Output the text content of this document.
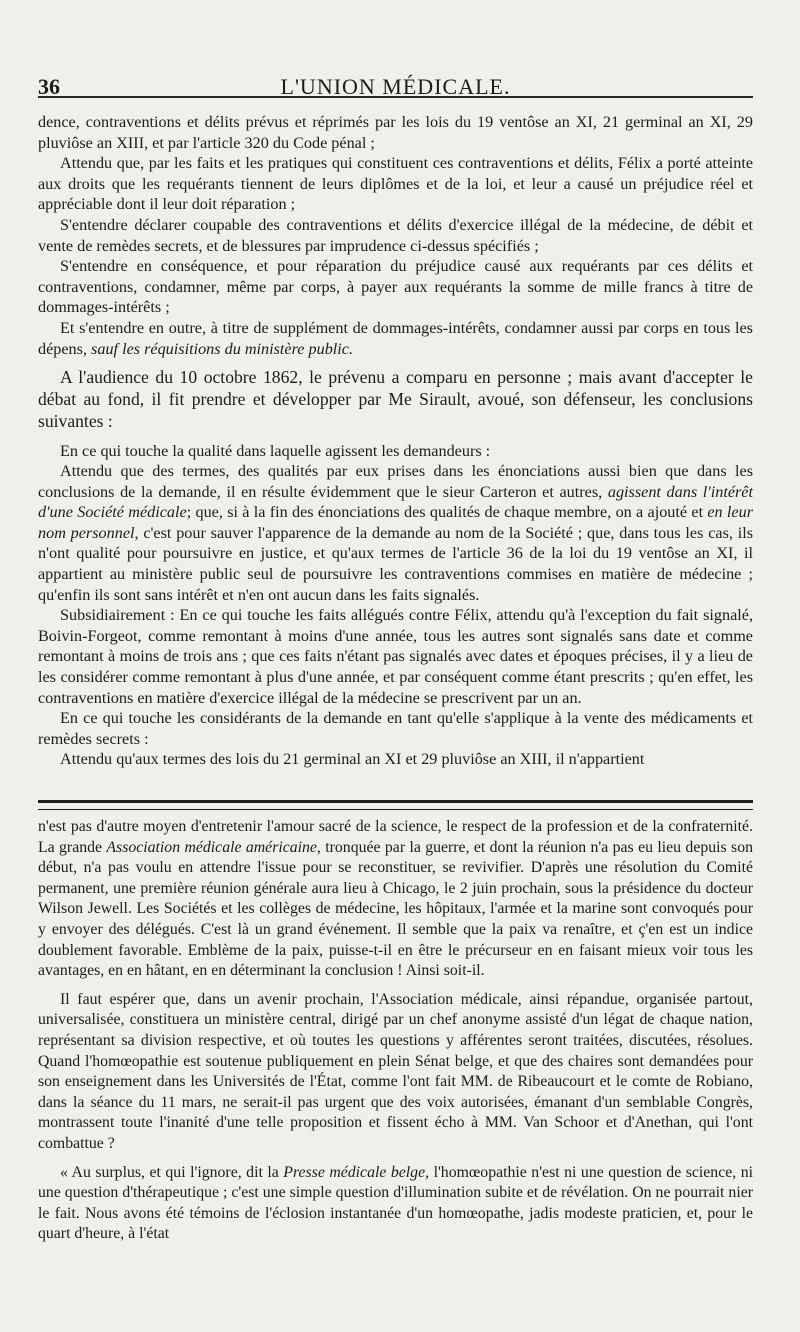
36	L'UNION MÉDICALE.

dence, contraventions et délits prévus et réprimés par les lois du 19 ventôse an XI, 21 germinal an XI, 29 pluviôse an XIII, et par l'article 320 du Code pénal ;

Attendu que, par les faits et les pratiques qui constituent ces contraventions et délits, Félix a porté atteinte aux droits que les requérants tiennent de leurs diplômes et de la loi, et leur a causé un préjudice réel et appréciable dont il leur doit réparation ;

S'entendre déclarer coupable des contraventions et délits d'exercice illégal de la médecine, de débit et vente de remèdes secrets, et de blessures par imprudence ci-dessus spécifiés ;

S'entendre en conséquence, et pour réparation du préjudice causé aux requérants par ces délits et contraventions, condamner, même par corps, à payer aux requérants la somme de mille francs à titre de dommages-intérêts ;

Et s'entendre en outre, à titre de supplément de dommages-intérêts, condamner aussi par corps en tous les dépens, sauf les réquisitions du ministère public.

A l'audience du 10 octobre 1862, le prévenu a comparu en personne ; mais avant d'accepter le débat au fond, il fit prendre et développer par Me Sirault, avoué, son défenseur, les conclusions suivantes :

En ce qui touche la qualité dans laquelle agissent les demandeurs :

Attendu que des termes, des qualités par eux prises dans les énonciations aussi bien que dans les conclusions de la demande, il en résulte évidemment que le sieur Carteron et autres, agissent dans l'intérêt d'une Société médicale; que, si à la fin des énonciations des qualités de chaque membre, on a ajouté et en leur nom personnel, c'est pour sauver l'apparence de la demande au nom de la Société ; que, dans tous les cas, ils n'ont qualité pour poursuivre en justice, et qu'aux termes de l'article 36 de la loi du 19 ventôse an XI, il appartient au ministère public seul de poursuivre les contraventions commises en matière de médecine ; qu'enfin ils sont sans intérêt et n'en ont aucun dans les faits signalés.

Subsidiairement : En ce qui touche les faits allégués contre Félix, attendu qu'à l'exception du fait signalé, Boivin-Forgeot, comme remontant à moins d'une année, tous les autres sont signalés sans date et comme remontant à moins de trois ans ; que ces faits n'étant pas signalés avec dates et époques précises, il y a lieu de les considérer comme remontant à plus d'une année, et par conséquent comme étant prescrits ; qu'en effet, les contraventions en matière d'exercice illégal de la médecine se prescrivent par un an.

En ce qui touche les considérants de la demande en tant qu'elle s'applique à la vente des médicaments et remèdes secrets :

Attendu qu'aux termes des lois du 21 germinal an XI et 29 pluviôse an XIII, il n'appartient

n'est pas d'autre moyen d'entretenir l'amour sacré de la science, le respect de la profession et de la confraternité. La grande Association médicale américaine, tronquée par la guerre, et dont la réunion n'a pas eu lieu depuis son début, n'a pas voulu en attendre l'issue pour se reconstituer, se revivifier. D'après une résolution du Comité permanent, une première réunion générale aura lieu à Chicago, le 2 juin prochain, sous la présidence du docteur Wilson Jewell. Les Sociétés et les collèges de médecine, les hôpitaux, l'armée et la marine sont convoqués pour y envoyer des délégués. C'est là un grand événement. Il semble que la paix va renaître, et ç'en est un indice doublement favorable. Emblème de la paix, puisse-t-il en être le précurseur en en faisant mieux voir tous les avantages, en en hâtant, en en déterminant la conclusion ! Ainsi soit-il.

Il faut espérer que, dans un avenir prochain, l'Association médicale, ainsi répandue, organisée partout, universalisée, constituera un ministère central, dirigé par un chef anonyme assisté d'un légat de chaque nation, représentant sa division respective, et où toutes les questions y afférentes seront traitées, discutées, résolues. Quand l'homœopathie est soutenue publiquement en plein Sénat belge, et que des chaires sont demandées pour son enseignement dans les Universités de l'État, comme l'ont fait MM. de Ribeaucourt et le comte de Robiano, dans la séance du 11 mars, ne serait-il pas urgent que des voix autorisées, émanant d'un semblable Congrès, montrassent toute l'inanité d'une telle proposition et fissent écho à MM. Van Schoor et d'Anethan, qui l'ont combattue ?

« Au surplus, et qui l'ignore, dit la Presse médicale belge, l'homœopathie n'est ni une question de science, ni une question d'thérapeutique ; c'est une simple question d'illumination subite et de révélation. On ne pourrait nier le fait. Nous avons été témoins de l'éclosion instantanée d'un homœopathe, jadis modeste praticien, et, pour le quart d'heure, à l'état
